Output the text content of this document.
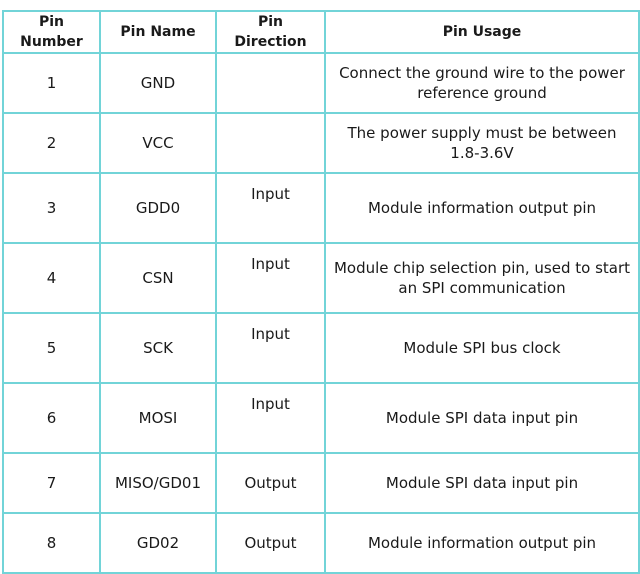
Pin Number	Pin Name	Pin Direction	Pin Usage
1	GND		Connect the ground wire to the power reference ground
2	VCC		The power supply must be between 1.8-3.6V
3	GDD0	Input	Module information output pin
4	CSN	Input	Module chip selection pin, used to start an SPI communication
5	SCK	Input	Module SPI bus clock
6	MOSI	Input	Module SPI data input pin
7	MISO/GD01	Output	Module SPI data input pin
8	GD02	Output	Module information output pin
